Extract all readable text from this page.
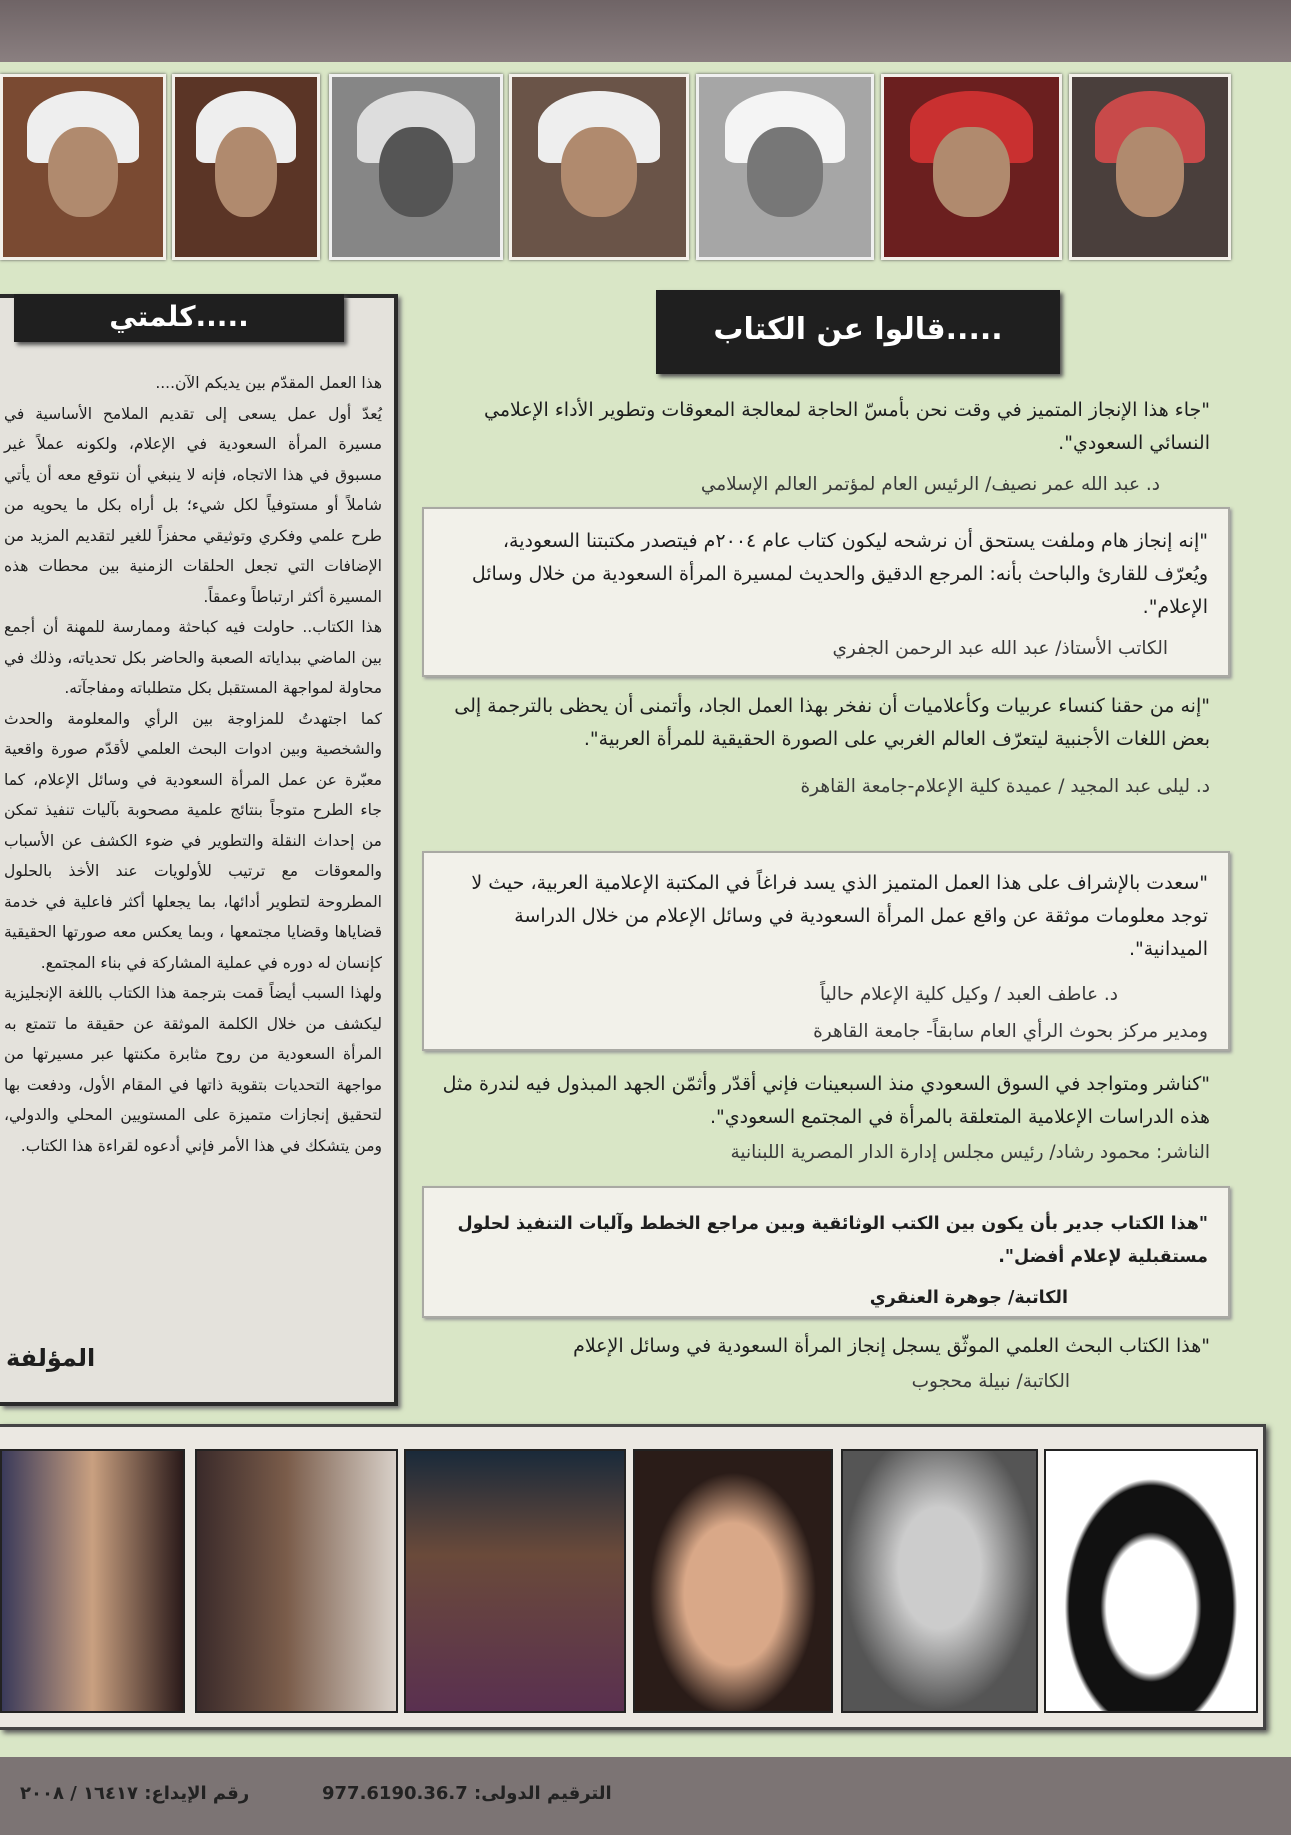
كلمتي.....

هذا العمل المقدّم بين يديكم الآن....

يُعدّ أول عمل يسعى إلى تقديم الملامح الأساسية في مسيرة المرأة السعودية في الإعلام، ولكونه عملاً غير مسبوق في هذا الاتجاه، فإنه لا ينبغي أن نتوقع معه أن يأتي شاملاً أو مستوفياً لكل شيء؛ بل أراه بكل ما يحويه من طرح علمي وفكري وتوثيقي محفزاً للغير لتقديم المزيد من الإضافات التي تجعل الحلقات الزمنية بين محطات هذه المسيرة أكثر ارتباطاً وعمقاً.

هذا الكتاب.. حاولت فيه كباحثة وممارسة للمهنة أن أجمع بين الماضي ببداياته الصعبة والحاضر بكل تحدياته، وذلك في محاولة لمواجهة المستقبل بكل متطلباته ومفاجآته.

كما اجتهدتُ للمزاوجة بين الرأي والمعلومة والحدث والشخصية وبين ادوات البحث العلمي لأقدّم صورة واقعية معبّرة عن عمل المرأة السعودية في وسائل الإعلام، كما جاء الطرح متوجاً بنتائج علمية مصحوبة بآليات تنفيذ تمكن من إحداث النقلة والتطوير في ضوء الكشف عن الأسباب والمعوقات مع ترتيب للأولويات عند الأخذ بالحلول المطروحة لتطوير أدائها، بما يجعلها أكثر فاعلية في خدمة قضاياها وقضايا مجتمعها ، وبما يعكس معه صورتها الحقيقية كإنسان له دوره في عملية المشاركة في بناء المجتمع.

ولهذا السبب أيضاً قمت بترجمة هذا الكتاب باللغة الإنجليزية ليكشف من خلال الكلمة الموثقة عن حقيقة ما تتمتع به المرأة السعودية من روح مثابرة مكنتها عبر مسيرتها من مواجهة التحديات بتقوية ذاتها في المقام الأول، ودفعت بها لتحقيق إنجازات متميزة على المستويين المحلي والدولي، ومن يتشكك في هذا الأمر فإني أدعوه لقراءة هذا الكتاب.

المؤلفة
قالوا عن الكتاب.....
"جاء هذا الإنجاز المتميز في وقت نحن بأمسّ الحاجة لمعالجة المعوقات وتطوير الأداء الإعلامي النسائي السعودي".
د. عبد الله عمر نصيف/ الرئيس العام لمؤتمر العالم الإسلامي
"إنه إنجاز هام وملفت يستحق أن نرشحه ليكون كتاب عام ٢٠٠٤م فيتصدر مكتبتنا السعودية، ويُعرّف للقارئ والباحث بأنه: المرجع الدقيق والحديث لمسيرة المرأة السعودية من خلال وسائل الإعلام".
الكاتب الأستاذ/ عبد الله عبد الرحمن الجفري
"إنه من حقنا كنساء عربيات وكأعلاميات أن نفخر بهذا العمل الجاد، وأتمنى أن يحظى بالترجمة إلى بعض اللغات الأجنبية ليتعرّف العالم الغربي على الصورة الحقيقية للمرأة العربية".
د. ليلى عبد المجيد / عميدة كلية الإعلام-جامعة القاهرة
"سعدت بالإشراف على هذا العمل المتميز الذي يسد فراغاً في المكتبة الإعلامية العربية، حيث لا توجد معلومات موثقة عن واقع عمل المرأة السعودية في وسائل الإعلام من خلال الدراسة الميدانية".
د. عاطف العبد / وكيل كلية الإعلام حالياً
ومدير مركز بحوث الرأي العام سابقاً- جامعة القاهرة
"كناشر ومتواجد في السوق السعودي منذ السبعينات فإني أقدّر وأثمّن الجهد المبذول فيه لندرة مثل هذه الدراسات الإعلامية المتعلقة بالمرأة في المجتمع السعودي".
الناشر: محمود رشاد/ رئيس مجلس إدارة الدار المصرية اللبنانية
"هذا الكتاب جدير بأن يكون بين الكتب الوثائقية وبين مراجع الخطط وآليات التنفيذ لحلول مستقبلية لإعلام أفضل".
الكاتبة/ جوهرة العنقري
"هذا الكتاب البحث العلمي الموثّق يسجل إنجاز المرأة السعودية في وسائل الإعلام
الكاتبة/ نبيلة محجوب
الترقيم الدولى: 977.6190.36.7
رقم الإيداع: ١٦٤١٧ / ٢٠٠٨
